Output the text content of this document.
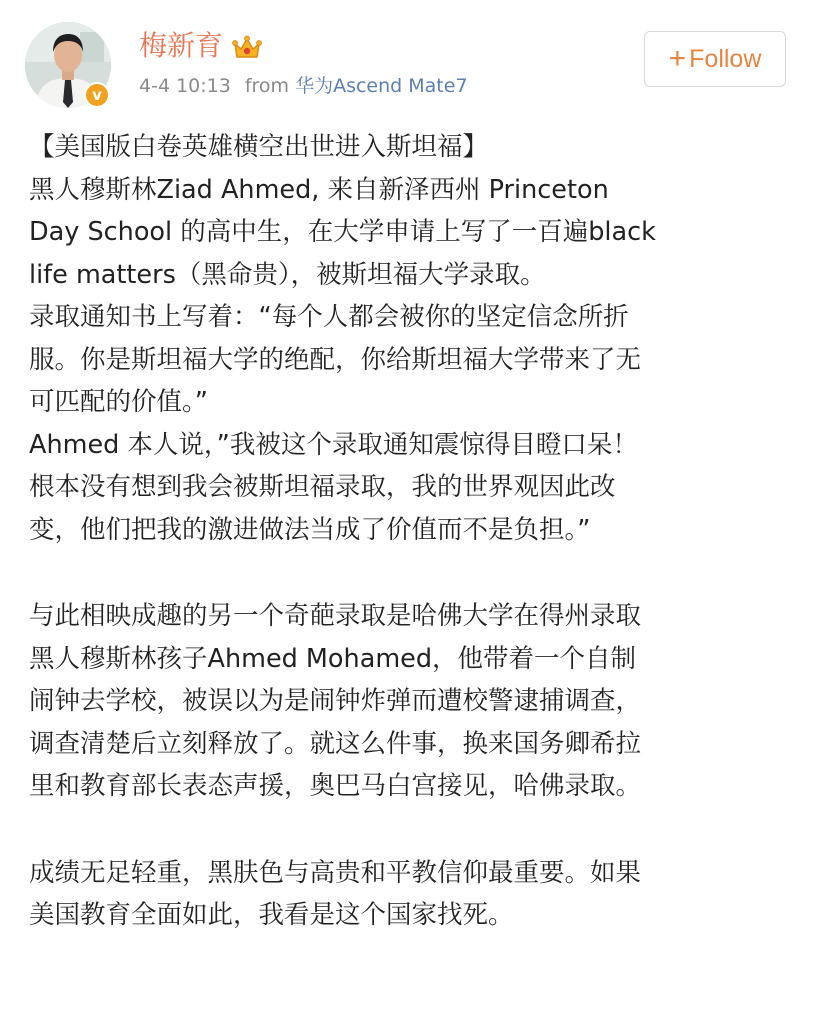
v
梅新育
4-4 10:13 from 华为Ascend Mate7
+ Follow

【美国版白卷英雄横空出世进入斯坦福】

黑人穆斯林Ziad Ahmed, 来自新泽西州 Princeton

Day School 的高中生，在大学申请上写了一百遍black

life matters（黑命贵），被斯坦福大学录取。

录取通知书上写着：“每个人都会被你的坚定信念所折

服。你是斯坦福大学的绝配，你给斯坦福大学带来了无

可匹配的价值。”

Ahmed 本人说，”我被这个录取通知震惊得目瞪口呆！

根本没有想到我会被斯坦福录取，我的世界观因此改

变，他们把我的激进做法当成了价值而不是负担。”

与此相映成趣的另一个奇葩录取是哈佛大学在得州录取

黑人穆斯林孩子Ahmed Mohamed，他带着一个自制

闹钟去学校，被误以为是闹钟炸弹而遭校警逮捕调查，

调查清楚后立刻释放了。就这么件事，换来国务卿希拉

里和教育部长表态声援，奥巴马白宫接见，哈佛录取。

成绩无足轻重，黑肤色与高贵和平教信仰最重要。如果

美国教育全面如此，我看是这个国家找死。
